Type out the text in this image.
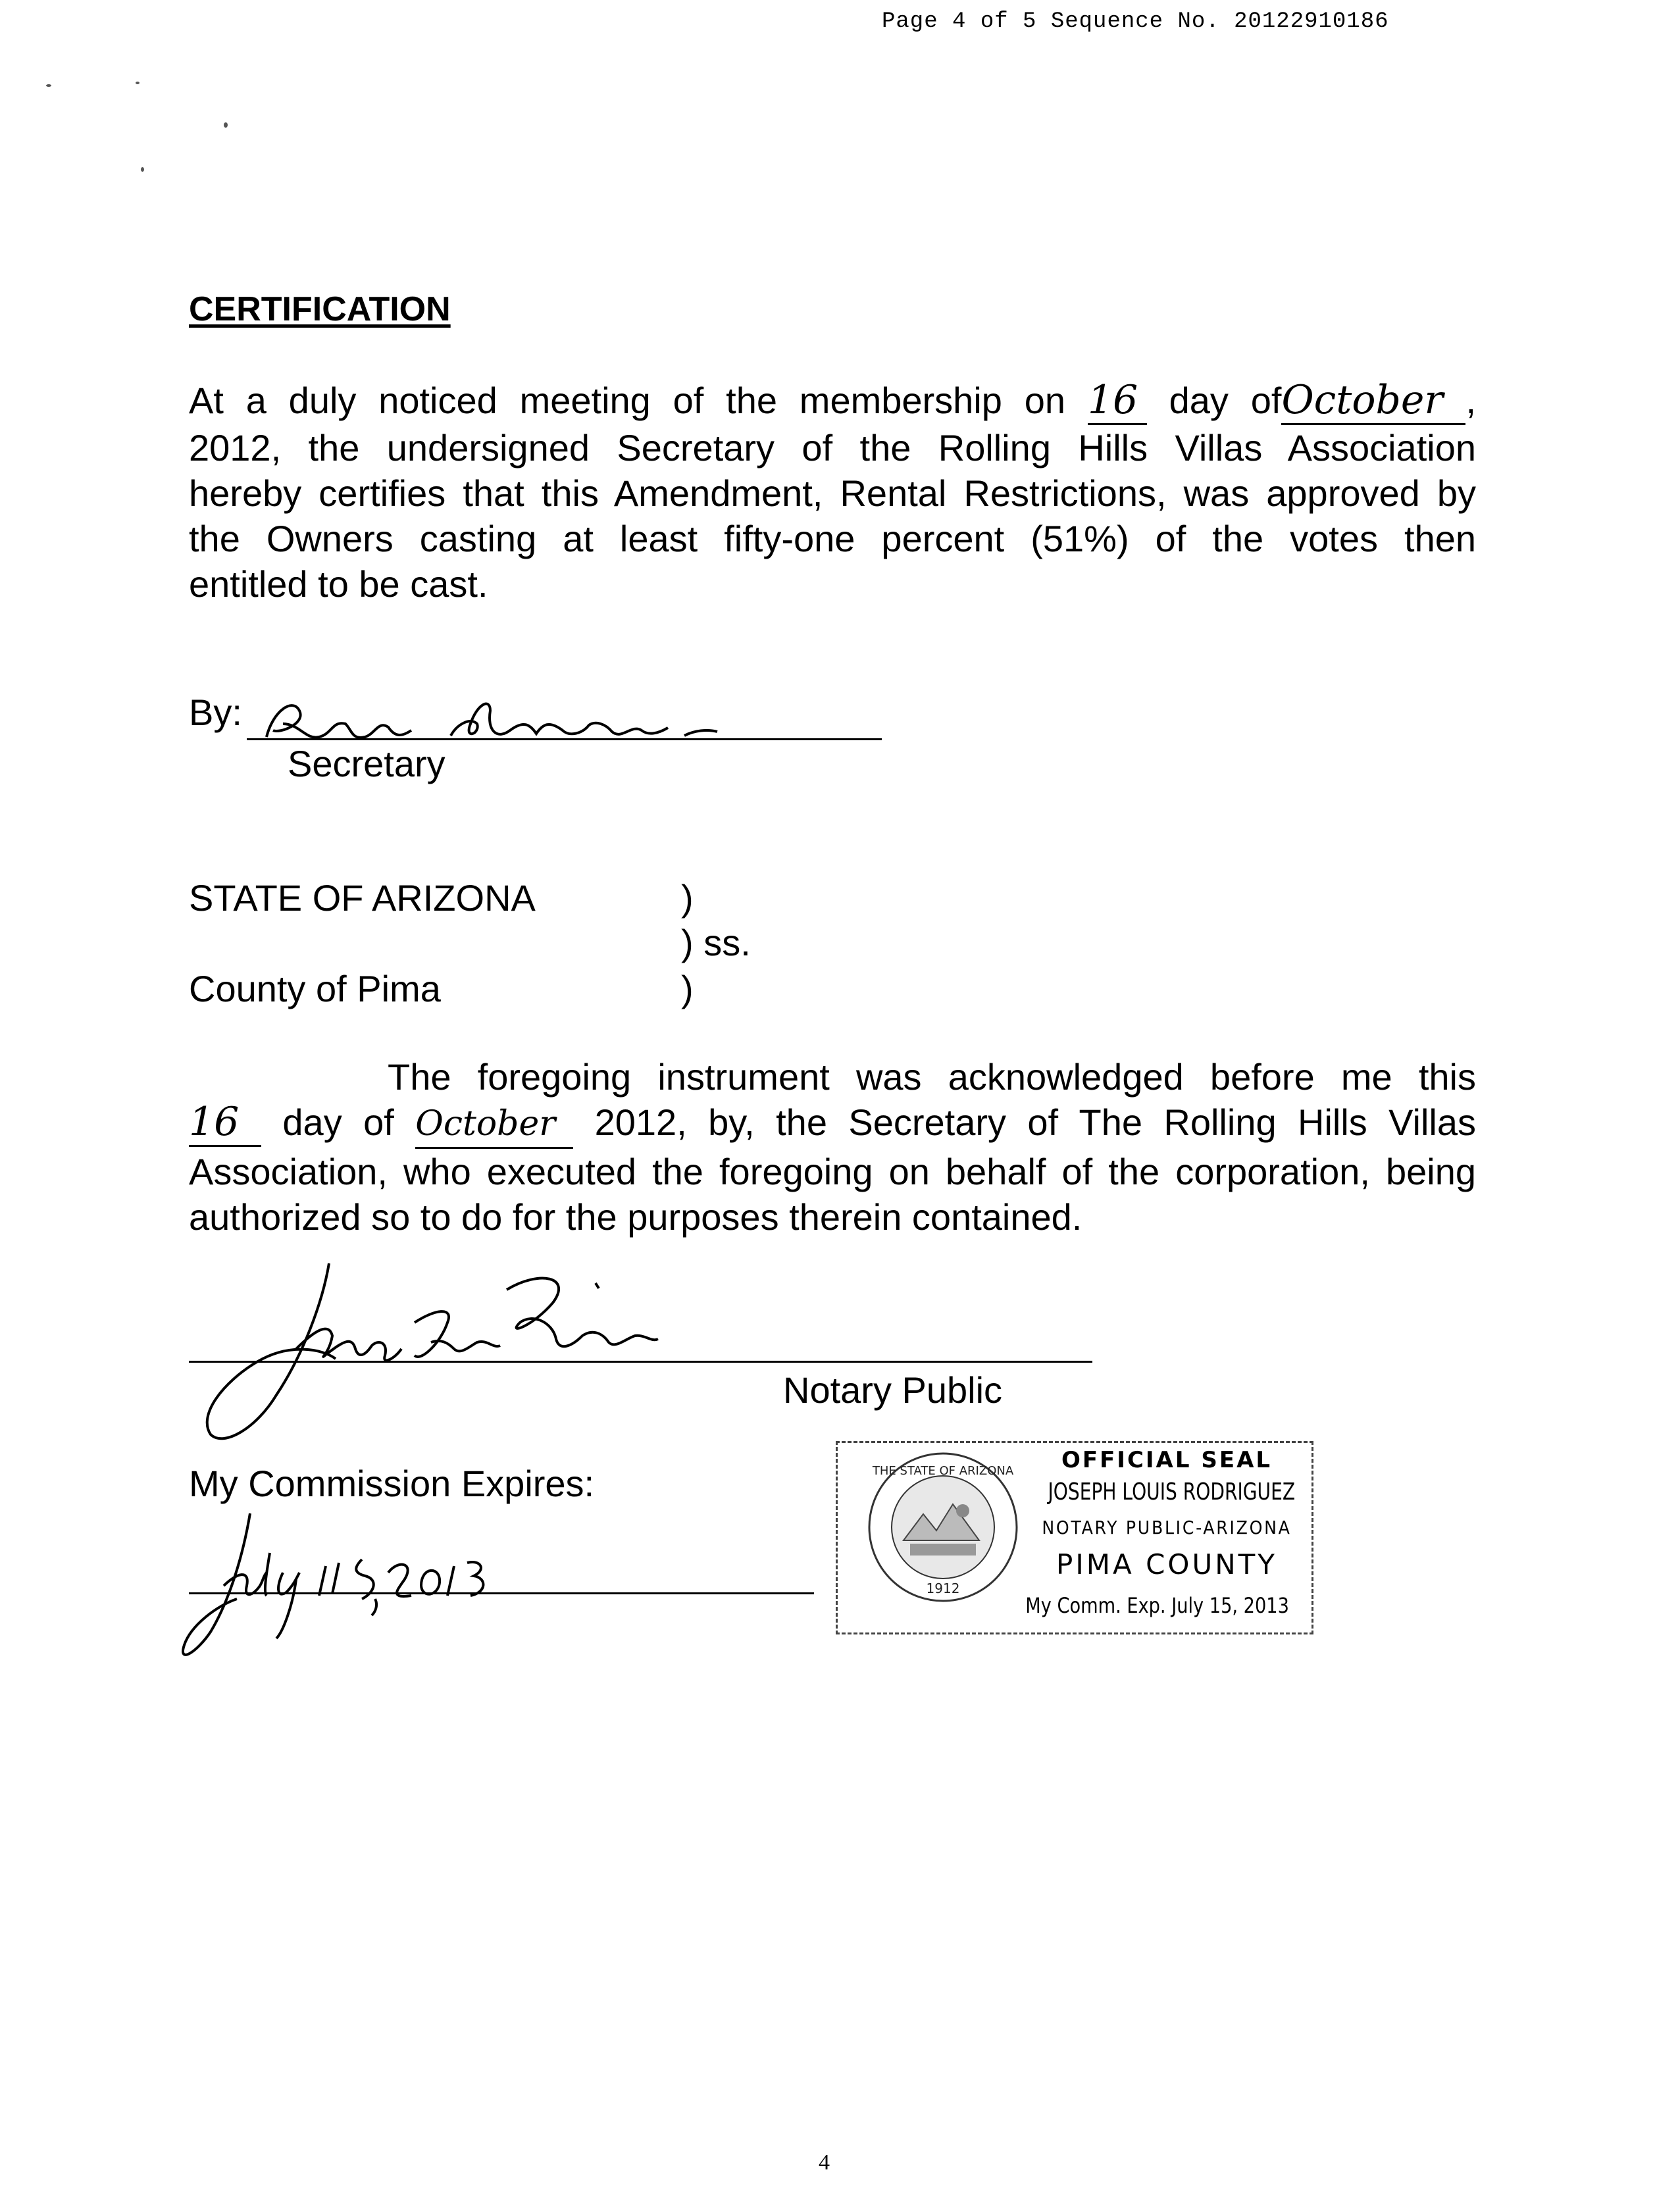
Page 4 of 5 Sequence No. 20122910186
CERTIFICATION
At a duly noticed meeting of the membership on 16 day ofOctober ,
2012, the undersigned Secretary of the Rolling Hills Villas Association
hereby certifies that this Amendment, Rental Restrictions, was approved by
the Owners casting at least fifty-one percent (51%) of the votes then
entitled to be cast.
By:
Secretary
STATE OF ARIZONA	)
) ss.
County of Pima	)
The foregoing instrument was acknowledged before me this
16 day of October 2012, by, the Secretary of The Rolling Hills Villas
Association, who executed the foregoing on behalf of the corporation, being
authorized so to do for the purposes therein contained.
Notary Public
My Commission Expires:	THE STATE OF ARIZONA
1912
OFFICIAL SEAL
JOSEPH LOUIS RODRIGUEZ
NOTARY PUBLIC-ARIZONA
PIMA COUNTY
My Comm. Exp. July 15, 2013
4
